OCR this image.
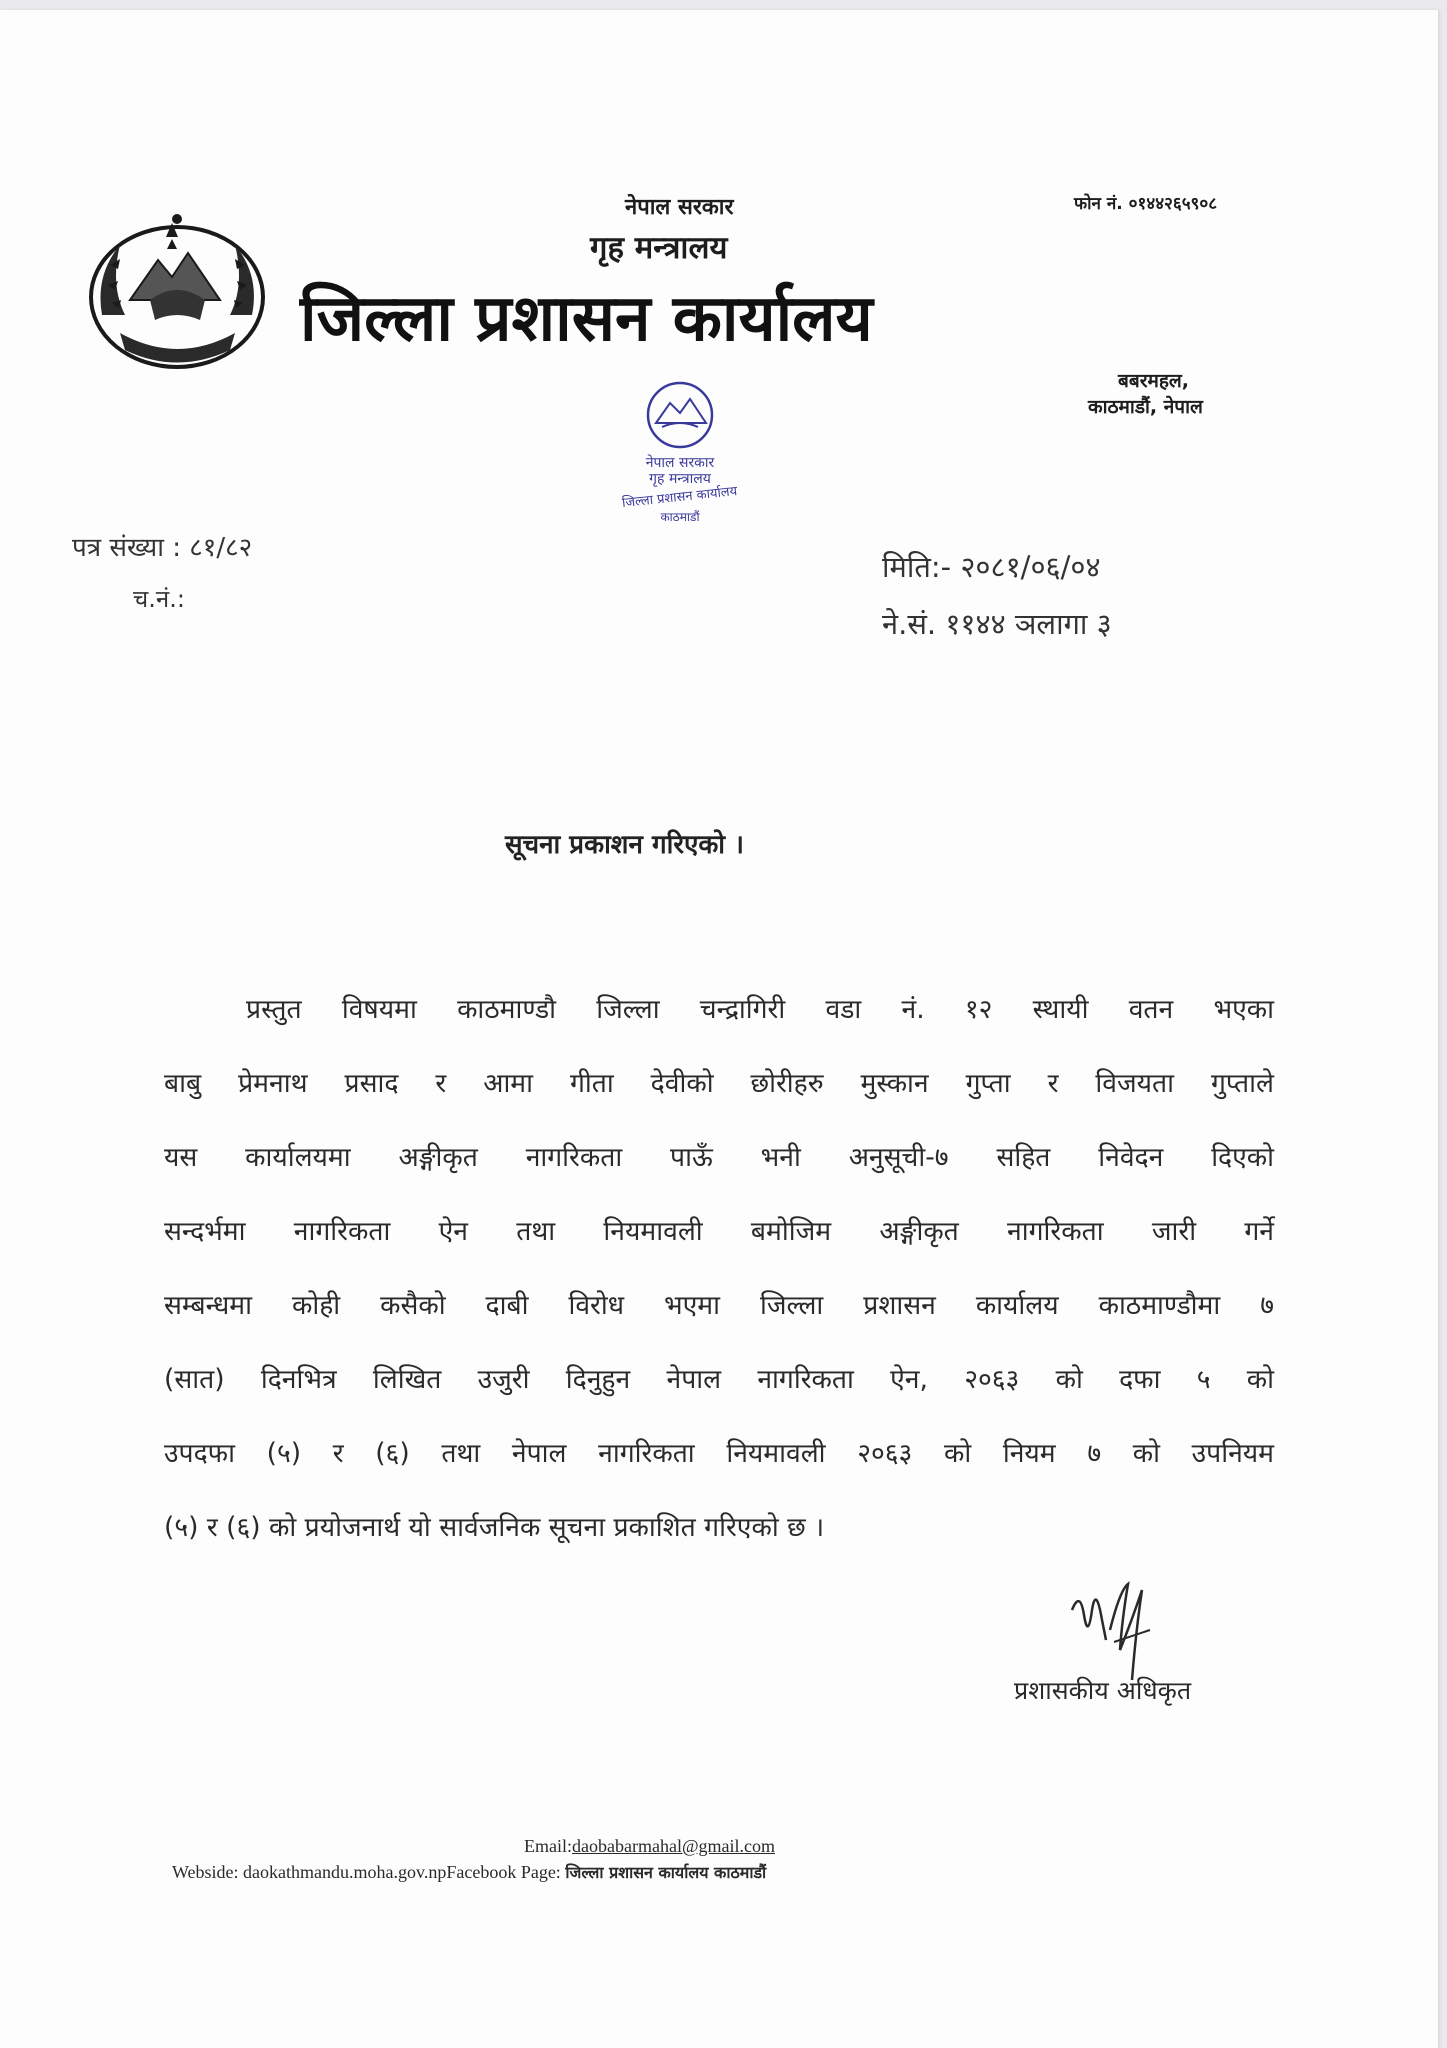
नेपाल सरकार
गृह मन्त्रालय
जिल्ला प्रशासन कार्यालय
फोन नं. ०१४४२६५९०८
बबरमहल,
काठमाडौं, नेपाल
नेपाल सरकार
गृह मन्त्रालय
जिल्ला प्रशासन कार्यालय
काठमाडौं
पत्र संख्या : ८१/८२
च.नं.:
मिति:- २०८१/०६/०४
ने.सं. ११४४ ञलागा ३
सूचना प्रकाशन गरिएको ।
प्रस्तुत विषयमा काठमाण्डौ जिल्ला चन्द्रागिरी वडा नं. १२ स्थायी वतन भएका
बाबु प्रेमनाथ प्रसाद र आमा गीता देवीको छोरीहरु मुस्कान गुप्ता र विजयता गुप्ताले
यस कार्यालयमा अङ्गीकृत नागरिकता पाऊँ भनी अनुसूची-७ सहित निवेदन दिएको
सन्दर्भमा नागरिकता ऐन तथा नियमावली बमोजिम अङ्गीकृत नागरिकता जारी गर्ने
सम्बन्धमा कोही कसैको दाबी विरोध भएमा जिल्ला प्रशासन कार्यालय काठमाण्डौमा ७
(सात) दिनभित्र लिखित उजुरी दिनुहुन नेपाल नागरिकता ऐन, २०६३ को दफा ५ को
उपदफा (५) र (६) तथा नेपाल नागरिकता नियमावली २०६३ को नियम ७ को उपनियम
(५) र (६) को प्रयोजनार्थ यो सार्वजनिक सूचना प्रकाशित गरिएको छ ।
प्रशासकीय अधिकृत
Email:daobabarmahal@gmail.com
Webside: daokathmandu.moha.gov.npFacebook Page: जिल्ला प्रशासन कार्यालय काठमाडौं
